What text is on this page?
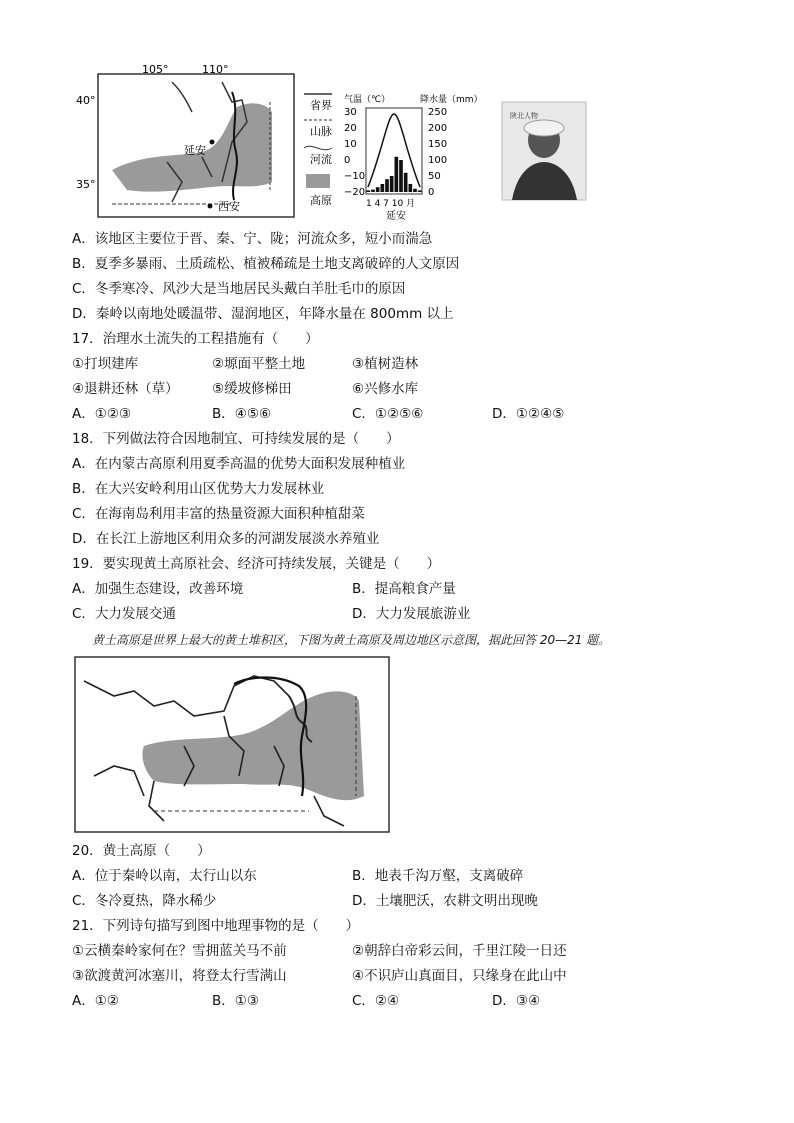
105°	110°
40°
35°
延安
西安
省界
山脉
河流
高原
气温（℃）	降水量（mm）
30
20
10
0
−10
−20
250
200
150
100
50
0
1 4 7 10 月
延安
陕北人物
A．该地区主要位于晋、秦、宁、陇；河流众多，短小而湍急
B．夏季多暴雨、土质疏松、植被稀疏是土地支离破碎的人文原因
C．冬季寒冷、风沙大是当地居民头戴白羊肚毛巾的原因
D．秦岭以南地处暖温带、湿润地区，年降水量在 800mm 以上
17．治理水土流失的工程措施有（　　）
①打坝建库	②塬面平整土地	③植树造林
④退耕还林（草） ⑤缓坡修梯田	⑥兴修水库
A．①②③	B．④⑤⑥	C．①②⑤⑥	D．①②④⑤
18．下列做法符合因地制宜、可持续发展的是（　　）
A．在内蒙古高原利用夏季高温的优势大面积发展种植业
B．在大兴安岭利用山区优势大力发展林业
C．在海南岛利用丰富的热量资源大面积种植甜菜
D．在长江上游地区利用众多的河湖发展淡水养殖业
19．要实现黄土高原社会、经济可持续发展，关键是（　　）
A．加强生态建设，改善环境	B．提高粮食产量
C．大力发展交通	D．大力发展旅游业
黄土高原是世界上最大的黄土堆积区，下图为黄土高原及周边地区示意图，据此回答 20—21 题。
20．黄土高原（　　）
A．位于秦岭以南，太行山以东	B．地表千沟万壑，支离破碎
C．冬冷夏热，降水稀少	D．土壤肥沃，农耕文明出现晚
21．下列诗句描写到图中地理事物的是（　　）
①云横秦岭家何在？雪拥蓝关马不前	②朝辞白帝彩云间，千里江陵一日还
③欲渡黄河冰塞川，将登太行雪满山	④不识庐山真面目，只缘身在此山中
A．①②	B．①③	C．②④	D．③④
